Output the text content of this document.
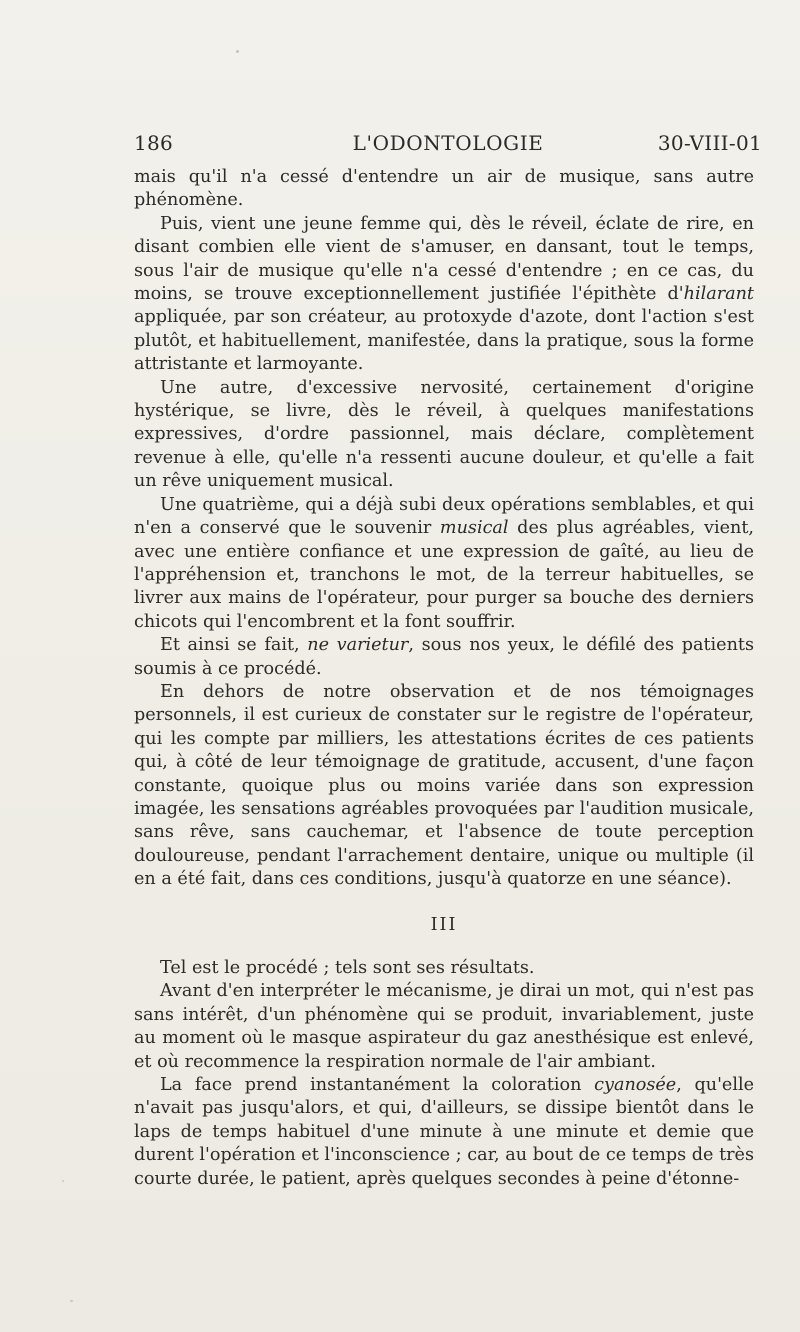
186	L'ODONTOLOGIE	30-VIII-01

mais qu'il n'a cessé d'entendre un air de musique, sans autre phénomène.

Puis, vient une jeune femme qui, dès le réveil, éclate de rire, en disant combien elle vient de s'amuser, en dansant, tout le temps, sous l'air de musique qu'elle n'a cessé d'entendre ; en ce cas, du moins, se trouve exceptionnellement justifiée l'épithète d'hilarant appliquée, par son créateur, au protoxyde d'azote, dont l'action s'est plutôt, et habituellement, manifestée, dans la pratique, sous la forme attristante et larmoyante.

Une autre, d'excessive nervosité, certainement d'origine hystérique, se livre, dès le réveil, à quelques manifestations expressives, d'ordre passionnel, mais déclare, complètement revenue à elle, qu'elle n'a ressenti aucune douleur, et qu'elle a fait un rêve uniquement musical.

Une quatrième, qui a déjà subi deux opérations semblables, et qui n'en a conservé que le souvenir musical des plus agréables, vient, avec une entière confiance et une expression de gaîté, au lieu de l'appréhension et, tranchons le mot, de la terreur habituelles, se livrer aux mains de l'opérateur, pour purger sa bouche des derniers chicots qui l'encombrent et la font souffrir.

Et ainsi se fait, ne varietur, sous nos yeux, le défilé des patients soumis à ce procédé.

En dehors de notre observation et de nos témoignages personnels, il est curieux de constater sur le registre de l'opérateur, qui les compte par milliers, les attestations écrites de ces patients qui, à côté de leur témoignage de gratitude, accusent, d'une façon constante, quoique plus ou moins variée dans son expression imagée, les sensations agréables provoquées par l'audition musicale, sans rêve, sans cauchemar, et l'absence de toute perception douloureuse, pendant l'arrachement dentaire, unique ou multiple (il en a été fait, dans ces conditions, jusqu'à quatorze en une séance).

III

Tel est le procédé ; tels sont ses résultats.

Avant d'en interpréter le mécanisme, je dirai un mot, qui n'est pas sans intérêt, d'un phénomène qui se produit, invariablement, juste au moment où le masque aspirateur du gaz anesthésique est enlevé, et où recommence la respiration normale de l'air ambiant.

La face prend instantanément la coloration cyanosée, qu'elle n'avait pas jusqu'alors, et qui, d'ailleurs, se dissipe bientôt dans le laps de temps habituel d'une minute à une minute et demie que durent l'opération et l'inconscience ; car, au bout de ce temps de très courte durée, le patient, après quelques secondes à peine d'étonne-
